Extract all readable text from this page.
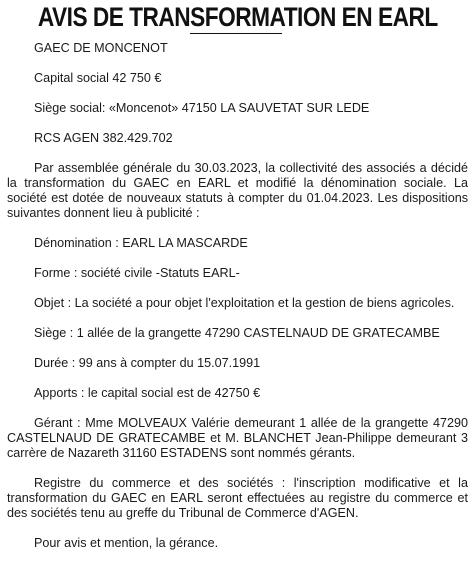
AVIS DE TRANSFORMATION EN EARL
GAEC DE MONCENOT
Capital social 42 750 €
Siège social: «Moncenot» 47150 LA SAUVETAT SUR LEDE
RCS AGEN 382.429.702
Par assemblée générale du 30.03.2023, la collectivité des associés a décidé la transformation du GAEC en EARL et modifié la dénomination sociale. La société est dotée de nouveaux statuts à compter du 01.04.2023. Les dispositions suivantes donnent lieu à publicité :
Dénomination : EARL LA MASCARDE
Forme : société civile -Statuts EARL-
Objet : La société a pour objet l'exploitation et la gestion de biens agricoles.
Siège : 1 allée de la grangette 47290 CASTELNAUD DE GRATECAMBE
Durée : 99 ans à compter du 15.07.1991
Apports : le capital social est de 42750 €
Gérant : Mme MOLVEAUX Valérie demeurant 1 allée de la grangette 47290 CASTELNAUD DE GRATECAMBE et M. BLANCHET Jean-Philippe demeurant 3 carrère de Nazareth 31160 ESTADENS sont nommés gérants.
Registre du commerce et des sociétés : l'inscription modificative et la transformation du GAEC en EARL seront effectuées au registre du commerce et des sociétés tenu au greffe du Tribunal de Commerce d'AGEN.
Pour avis et mention, la gérance.
